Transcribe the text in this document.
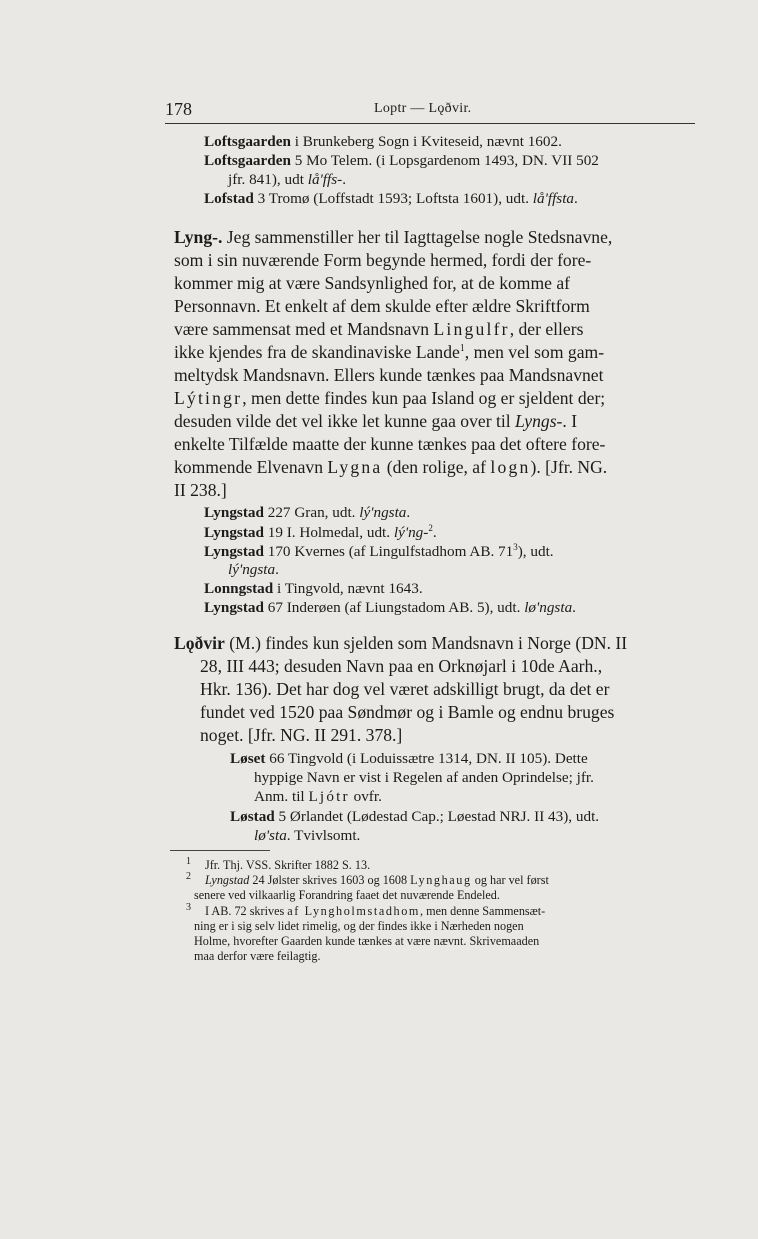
178	Loptr — Lǫðvir.
Loftsgaarden i Brunkeberg Sogn i Kviteseid, nævnt 1602.
Loftsgaarden 5 Mo Telem. (i Lopsgardenom 1493, DN. VII 502
jfr. 841), udt lå'ffs-.
Lofstad 3 Tromø (Loffstadt 1593; Loftsta 1601), udt. lå'ffsta.
Lyng-. Jeg sammenstiller her til Iagttagelse nogle Stedsnavne,
som i sin nuværende Form begynde hermed, fordi der fore-
kommer mig at være Sandsynlighed for, at de komme af
Personnavn. Et enkelt af dem skulde efter ældre Skriftform
være sammensat med et Mandsnavn Lingulfr, der ellers
ikke kjendes fra de skandinaviske Lande$^1$, men vel som gam-
meltydsk Mandsnavn. Ellers kunde tænkes paa Mandsnavnet
Lýtingr, men dette findes kun paa Island og er sjeldent der;
desuden vilde det vel ikke let kunne gaa over til Lyngs-. I
enkelte Tilfælde maatte der kunne tænkes paa det oftere fore-
kommende Elvenavn Lygna (den rolige, af logn). [Jfr. NG.
II 238.]
Lyngstad 227 Gran, udt. lý'ngsta.
Lyngstad 19 I. Holmedal, udt. lý'ng-$^2$.
Lyngstad 170 Kvernes (af Lingulfstadhom AB. $71^3$), udt.
lý'ngsta.
Lonngstad i Tingvold, nævnt 1643.
Lyngstad 67 Inderøen (af Liungstadom AB. 5), udt. lø'ngsta.
Lǫðvir (M.) findes kun sjelden som Mandsnavn i Norge (DN. II
28, III 443; desuden Navn paa en Orknøjarl i 10de Aarh.,
Hkr. 136). Det har dog vel været adskilligt brugt, da det er
fundet ved 1520 paa Søndmør og i Bamle og endnu bruges
noget. [Jfr. NG. II 291. 378.]
Løset 66 Tingvold (i Loduissætre 1314, DN. II 105). Dette
hyppige Navn er vist i Regelen af anden Oprindelse; jfr.
Anm. til Ljótr ovfr.
Løstad 5 Ørlandet (Lødestad Cap.; Løestad NRJ. II 43), udt.
lø'sta. Tvivlsomt.
1 Jfr. Thj. VSS. Skrifter 1882 S. 13.
2 Lyngstad 24 Jølster skrives 1603 og 1608 Lynghaug og har vel først
senere ved vilkaarlig Forandring faaet det nuværende Endeled.
3 I AB. 72 skrives af Lyngholmstadhom, men denne Sammensæt-
ning er i sig selv lidet rimelig, og der findes ikke i Nærheden nogen
Holme, hvorefter Gaarden kunde tænkes at være nævnt. Skrivemaaden
maa derfor være feilagtig.
